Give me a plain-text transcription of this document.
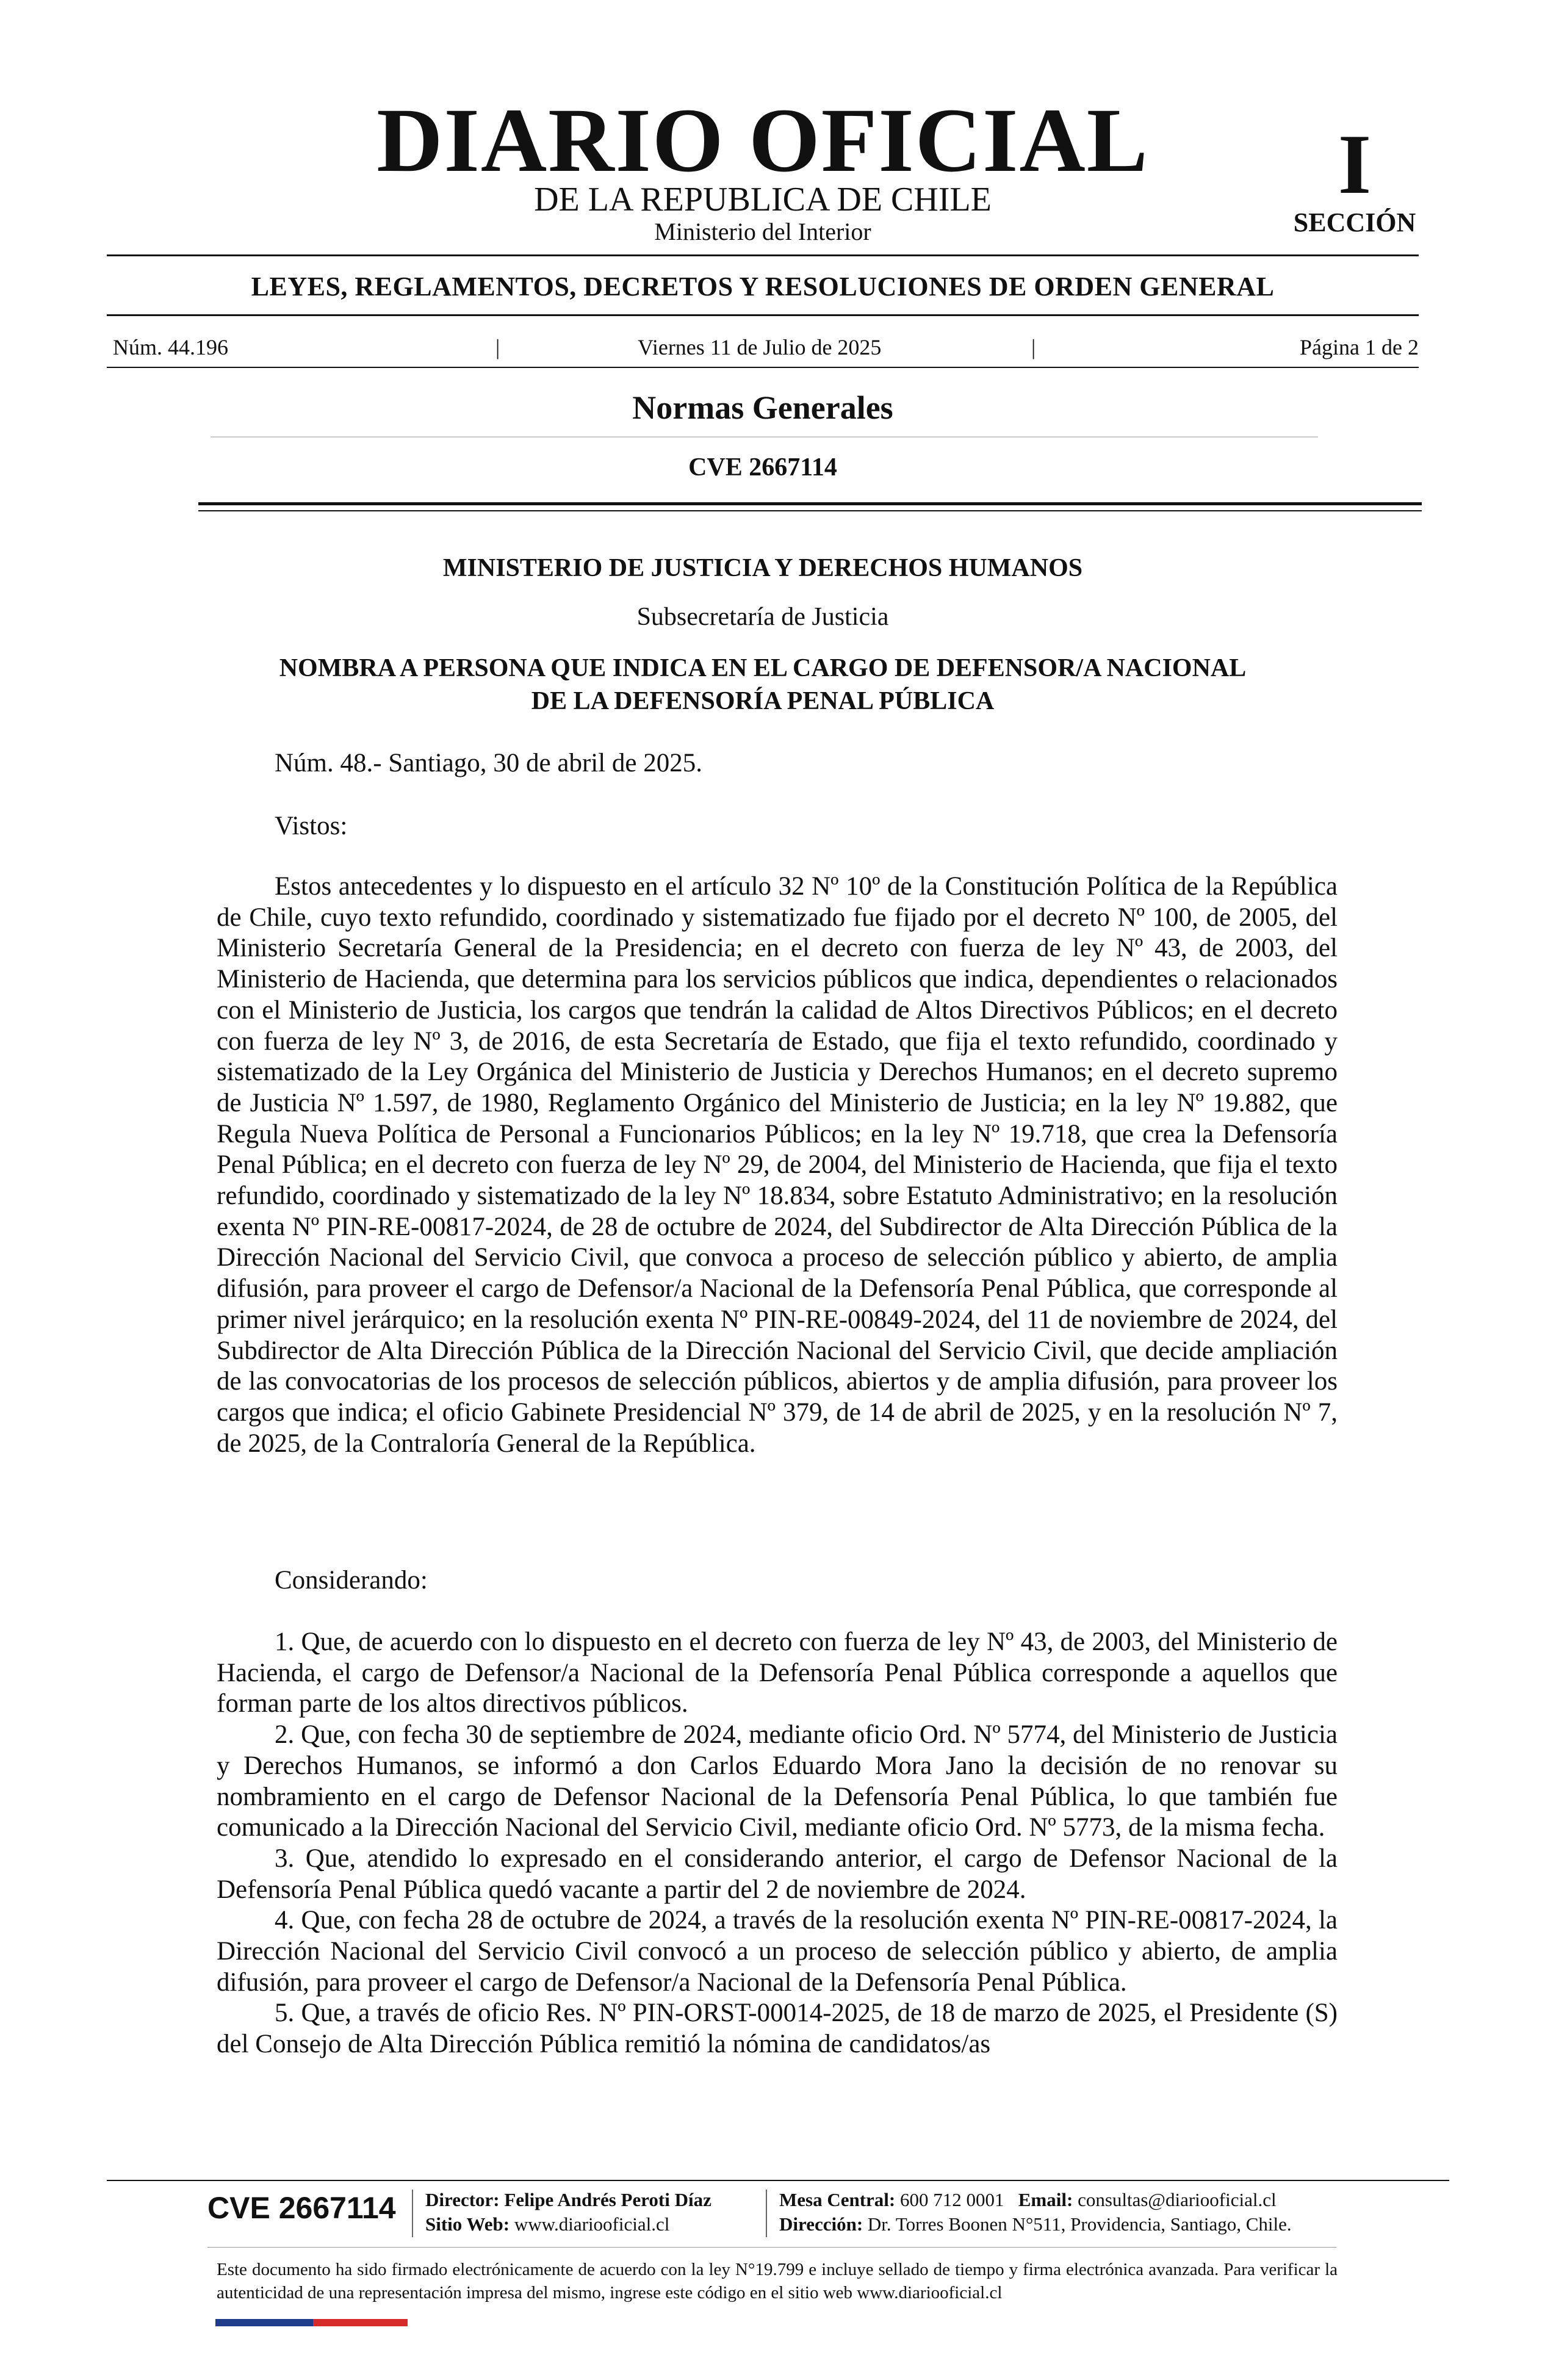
DIARIO OFICIAL
DE LA REPUBLICA DE CHILE
Ministerio del Interior
I
SECCIÓN
LEYES, REGLAMENTOS, DECRETOS Y RESOLUCIONES DE ORDEN GENERAL
Núm. 44.196	|	Viernes 11 de Julio de 2025	|	Página 1 de 2
Normas Generales
CVE 2667114
MINISTERIO DE JUSTICIA Y DERECHOS HUMANOS
Subsecretaría de Justicia
NOMBRA A PERSONA QUE INDICA EN EL CARGO DE DEFENSOR/A NACIONAL
DE LA DEFENSORÍA PENAL PÚBLICA
Núm. 48.- Santiago, 30 de abril de 2025.
Vistos:

Estos antecedentes y lo dispuesto en el artículo 32 Nº 10º de la Constitución Política de la República de Chile, cuyo texto refundido, coordinado y sistematizado fue fijado por el decreto Nº 100, de 2005, del Ministerio Secretaría General de la Presidencia; en el decreto con fuerza de ley Nº 43, de 2003, del Ministerio de Hacienda, que determina para los servicios públicos que indica, dependientes o relacionados con el Ministerio de Justicia, los cargos que tendrán la calidad de Altos Directivos Públicos; en el decreto con fuerza de ley Nº 3, de 2016, de esta Secretaría de Estado, que fija el texto refundido, coordinado y sistematizado de la Ley Orgánica del Ministerio de Justicia y Derechos Humanos; en el decreto supremo de Justicia Nº 1.597, de 1980, Reglamento Orgánico del Ministerio de Justicia; en la ley Nº 19.882, que Regula Nueva Política de Personal a Funcionarios Públicos; en la ley Nº 19.718, que crea la Defensoría Penal Pública; en el decreto con fuerza de ley Nº 29, de 2004, del Ministerio de Hacienda, que fija el texto refundido, coordinado y sistematizado de la ley Nº 18.834, sobre Estatuto Administrativo; en la resolución exenta Nº PIN-RE-00817-2024, de 28 de octubre de 2024, del Subdirector de Alta Dirección Pública de la Dirección Nacional del Servicio Civil, que convoca a proceso de selección público y abierto, de amplia difusión, para proveer el cargo de Defensor/a Nacional de la Defensoría Penal Pública, que corresponde al primer nivel jerárquico; en la resolución exenta Nº PIN-RE-00849-2024, del 11 de noviembre de 2024, del Subdirector de Alta Dirección Pública de la Dirección Nacional del Servicio Civil, que decide ampliación de las convocatorias de los procesos de selección públicos, abiertos y de amplia difusión, para proveer los cargos que indica; el oficio Gabinete Presidencial Nº 379, de 14 de abril de 2025, y en la resolución Nº 7, de 2025, de la Contraloría General de la República.

Considerando:

1. Que, de acuerdo con lo dispuesto en el decreto con fuerza de ley Nº 43, de 2003, del Ministerio de Hacienda, el cargo de Defensor/a Nacional de la Defensoría Penal Pública corresponde a aquellos que forman parte de los altos directivos públicos.

2. Que, con fecha 30 de septiembre de 2024, mediante oficio Ord. Nº 5774, del Ministerio de Justicia y Derechos Humanos, se informó a don Carlos Eduardo Mora Jano la decisión de no renovar su nombramiento en el cargo de Defensor Nacional de la Defensoría Penal Pública, lo que también fue comunicado a la Dirección Nacional del Servicio Civil, mediante oficio Ord. Nº 5773, de la misma fecha.

3. Que, atendido lo expresado en el considerando anterior, el cargo de Defensor Nacional de la Defensoría Penal Pública quedó vacante a partir del 2 de noviembre de 2024.

4. Que, con fecha 28 de octubre de 2024, a través de la resolución exenta Nº PIN-RE-00817-2024, la Dirección Nacional del Servicio Civil convocó a un proceso de selección público y abierto, de amplia difusión, para proveer el cargo de Defensor/a Nacional de la Defensoría Penal Pública.

5. Que, a través de oficio Res. Nº PIN-ORST-00014-2025, de 18 de marzo de 2025, el Presidente (S) del Consejo de Alta Dirección Pública remitió la nómina de candidatos/as

CVE 2667114	Director: Felipe Andrés Peroti Díaz
Sitio Web: www.diariooficial.cl
Mesa Central: 600 712 0001 Email: consultas@diariooficial.cl
Dirección: Dr. Torres Boonen N°511, Providencia, Santiago, Chile.
Este documento ha sido firmado electrónicamente de acuerdo con la ley N°19.799 e incluye sellado de tiempo y firma electrónica avanzada. Para verificar la autenticidad de una representación impresa del mismo, ingrese este código en el sitio web www.diariooficial.cl
